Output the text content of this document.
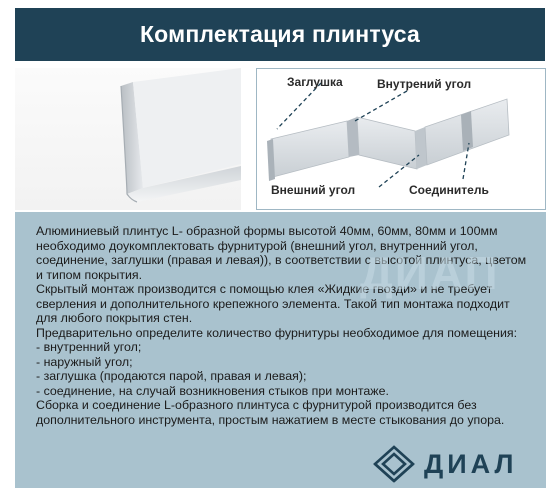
Комплектация плинтуса
Заглушка	Внутрений угол
Внешний угол	Соединитель

Алюминиевый плинтус L- образной формы высотой 40мм, 60мм, 80мм и 100мм необходимо доукомплектовать фурнитурой (внешний угол, внутренний угол, соединение, заглушки (правая и левая)), в соответствии с высотой плинтуса, цветом и типом покрытия.
Скрытый монтаж производится с помощью клея «Жидкие гвозди» и не требует сверления и дополнительного крепежного элемента. Такой тип монтажа подходит для любого покрытия стен.
Предварительно определите количество фурнитуры необходимое для помещения:
- внутренний угол;
- наружный угол;
- заглушка (продаются парой, правая и левая);
- соединение, на случай возникновения стыков при монтаже.
Сборка и соединение L-образного плинтуса с фурнитурой производится без дополнительного инструмента, простым нажатием в месте стыкования до упора.

ДИАП
ДИАЛ
